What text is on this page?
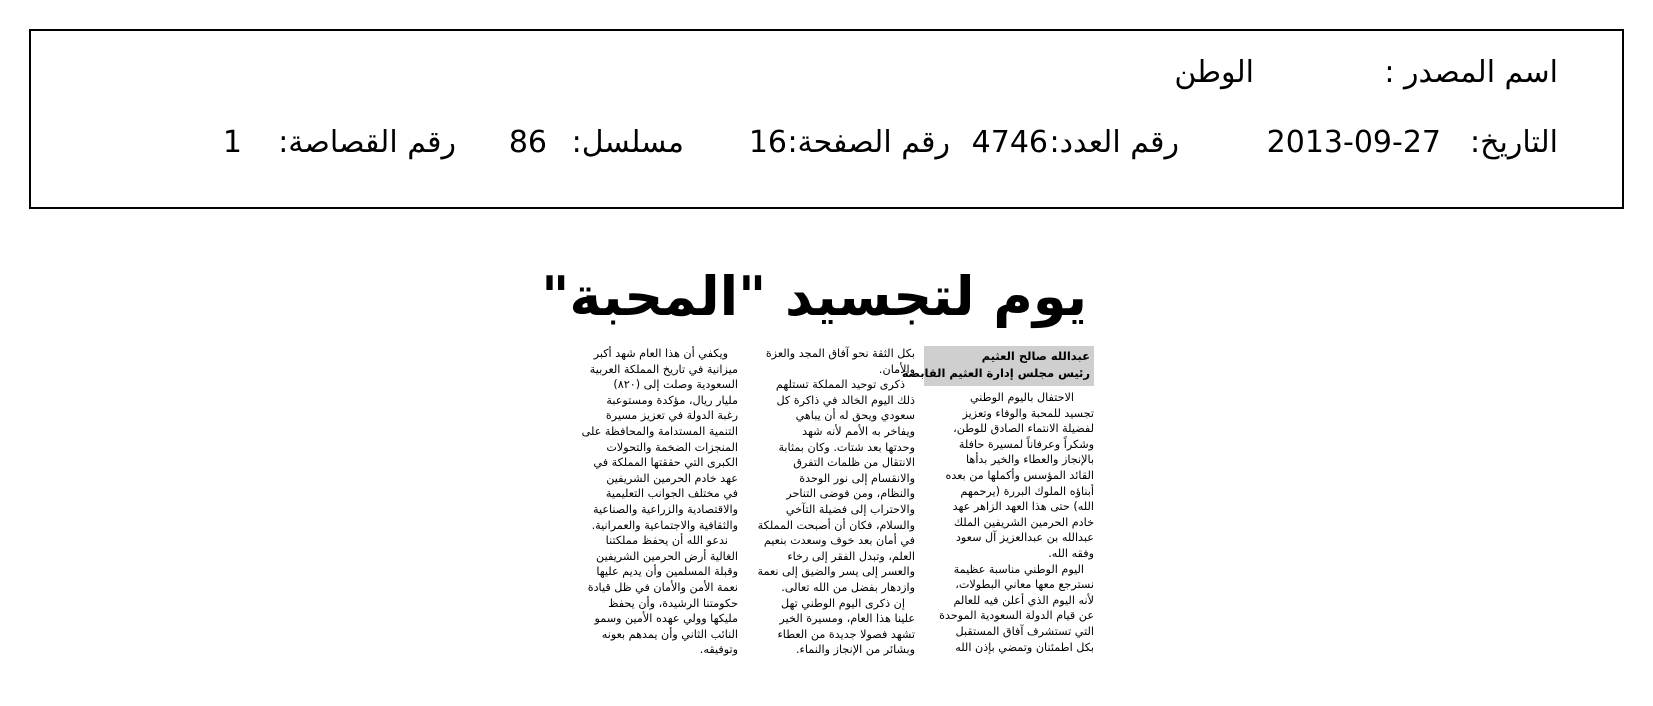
اسم المصدر :
الوطن
التاريخ:
2013-09-27
رقم العدد:
4746
رقم الصفحة:
16
مسلسل:
86
رقم القصاصة:
1
يوم لتجسيد "المحبة"
عبدالله صالح العثيم
رئيس مجلس إدارة العثيم القابضة
الاحتفال باليوم الوطني
تجسيد للمحبة والوفاء وتعزيز
لفضيلة الانتماء الصادق للوطن،
وشكراً وعرفاناً لمسيرة حافلة
بالإنجاز والعطاء والخير بدأها
القائد المؤسس وأكملها من بعده
أبناؤه الملوك البررة (يرحمهم
الله) حتى هذا العهد الزاهر عهد
خادم الحرمين الشريفين الملك
عبدالله بن عبدالعزيز آل سعود
وفقه الله.
اليوم الوطني مناسبة عظيمة
نسترجع معها معاني البطولات،
لأنه اليوم الذي أعلن فيه للعالم
عن قيام الدولة السعودية الموحدة
التي تستشرف آفاق المستقبل
بكل اطمئنان وتمضي بإذن الله
بكل الثقة نحو آفاق المجد والعزة
والأمان.
ذكرى توحيد المملكة تستلهم
ذلك اليوم الخالد في ذاكرة كل
سعودي ويحق له أن يباهي
ويفاخر به الأمم لأنه شهد
وحدتها بعد شتات. وكان بمثابة
الانتقال من ظلمات التفرق
والانقسام إلى نور الوحدة
والنظام، ومن فوضى التناحر
والاحتراب إلى فضيلة التآخي
والسلام، فكان أن أصبحت المملكة
في أمان بعد خوف وسعدت بنعيم
العلم، وتبدل الفقر إلى رخاء
والعسر إلى يسر والضيق إلى نعمة
وازدهار بفضل من الله تعالى.
إن ذكرى اليوم الوطني تهل
علينا هذا العام، ومسيرة الخير
تشهد فصولا جديدة من العطاء
وبشائر من الإنجاز والنماء.
ويكفي أن هذا العام شهد أكبر
ميزانية في تاريخ المملكة العربية
السعودية وصلت إلى (٨٢٠)
مليار ريال، مؤكدة ومستوعبة
رغبة الدولة في تعزيز مسيرة
التنمية المستدامة والمحافظة على
المنجزات الضخمة والتحولات
الكبرى التي حققتها المملكة في
عهد خادم الحرمين الشريفين
في مختلف الجوانب التعليمية
والاقتصادية والزراعية والصناعية
والثقافية والاجتماعية والعمرانية.
ندعو الله أن يحفظ مملكتنا
الغالية أرض الحرمين الشريفين
وقبلة المسلمين وأن يديم عليها
نعمة الأمن والأمان في ظل قيادة
حكومتنا الرشيدة، وأن يحفظ
مليكها وولي عهده الأمين وسمو
النائب الثاني وأن يمدهم بعونه
وتوفيقه.
